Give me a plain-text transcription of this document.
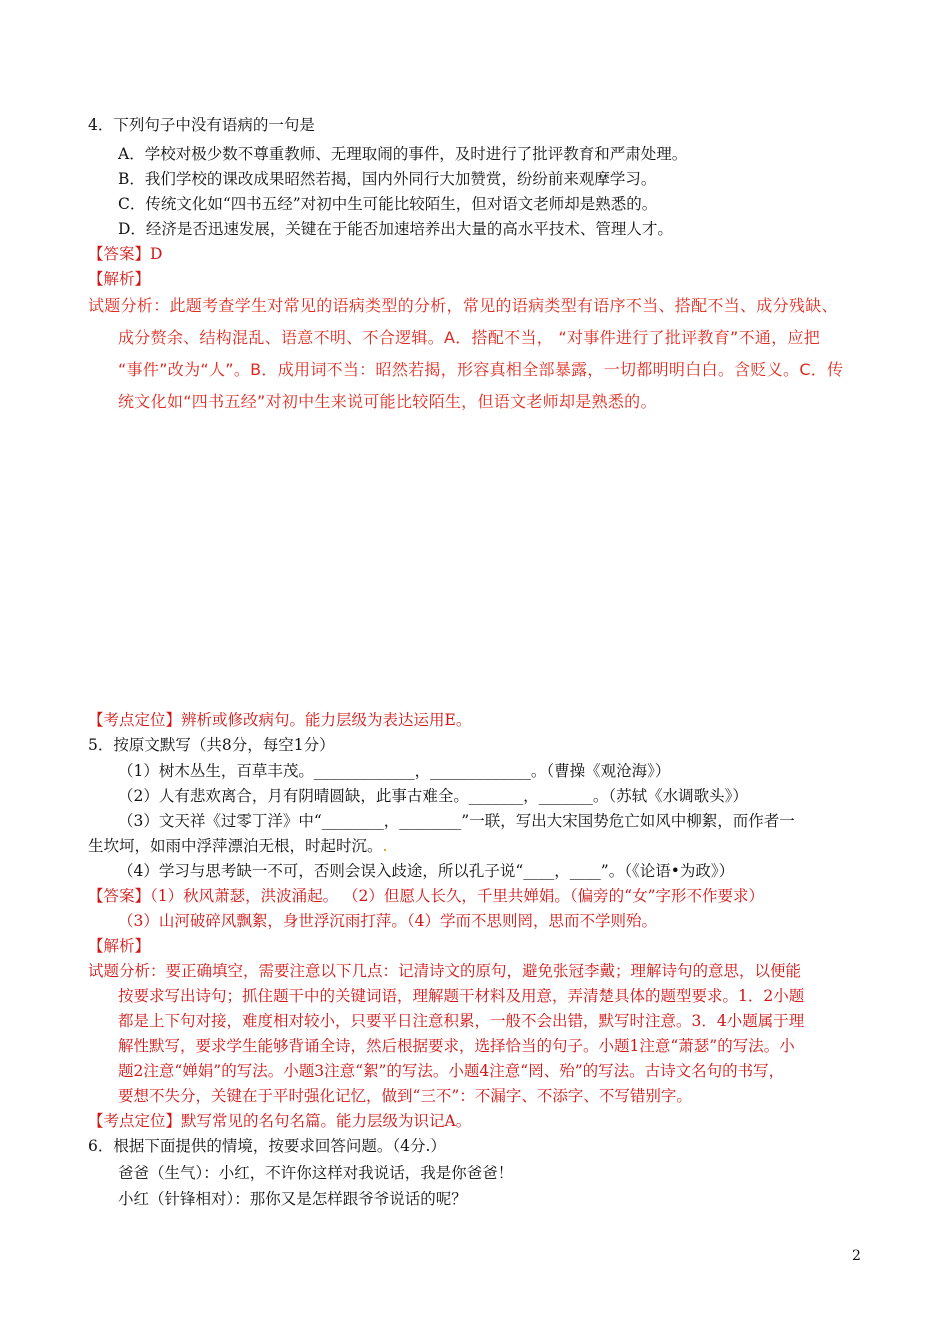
4．下列句子中没有语病的一句是
A．学校对极少数不尊重教师、无理取闹的事件，及时进行了批评教育和严肃处理。
B．我们学校的课改成果昭然若揭，国内外同行大加赞赏，纷纷前来观摩学习。
C．传统文化如“四书五经”对初中生可能比较陌生，但对语文老师却是熟悉的。
D．经济是否迅速发展，关键在于能否加速培养出大量的高水平技术、管理人才。
【答案】D
【解析】
试题分析：此题考查学生对常见的语病类型的分析，常见的语病类型有语序不当、搭配不当、成分残缺、
成分赘余、结构混乱、语意不明、不合逻辑。A．搭配不当， “对事件进行了批评教育”不通，应把
“事件”改为“人”。B．成用词不当：昭然若揭，形容真相全部暴露，一切都明明白白。含贬义。C．传
统文化如“四书五经”对初中生来说可能比较陌生，但语文老师却是熟悉的。
【考点定位】辨析或修改病句。能力层级为表达运用E。
5．按原文默写（共8分，每空1分）
（1）树木丛生，百草丰茂。_____________，_____________。（曹操《观沧海》）
（2）人有悲欢离合，月有阴晴圆缺，此事古难全。_______，_______。（苏轼《水调歌头》）
（3）文天祥《过零丁洋》中“________，________”一联，写出大宋国势危亡如风中柳絮，而作者一
生坎坷，如雨中浮萍漂泊无根，时起时沉。.
（4）学习与思考缺一不可，否则会误入歧途，所以孔子说“____，____”。（《论语•为政》）
【答案】（1）秋风萧瑟，洪波涌起。 （2）但愿人长久，千里共婵娟。（偏旁的“女”字形不作要求）
（3）山河破碎风飘絮，身世浮沉雨打萍。（4）学而不思则罔，思而不学则殆。
【解析】
试题分析：要正确填空，需要注意以下几点：记清诗文的原句，避免张冠李戴；理解诗句的意思，以便能
按要求写出诗句；抓住题干中的关键词语，理解题干材料及用意，弄清楚具体的题型要求。1．2小题
都是上下句对接，难度相对较小，只要平日注意积累，一般不会出错，默写时注意。3．4小题属于理
解性默写，要求学生能够背诵全诗，然后根据要求，选择恰当的句子。小题1注意“萧瑟”的写法。小
题2注意“婵娟”的写法。小题3注意“絮”的写法。小题4注意“罔、殆”的写法。古诗文名句的书写，
要想不失分，关键在于平时强化记忆，做到“三不”：不漏字、不添字、不写错别字。
【考点定位】默写常见的名句名篇。能力层级为识记A。
6．根据下面提供的情境，按要求回答问题。（4分.）
爸爸（生气）：小红，不许你这样对我说话，我是你爸爸！
小红（针锋相对）：那你又是怎样跟爷爷说话的呢？
2
